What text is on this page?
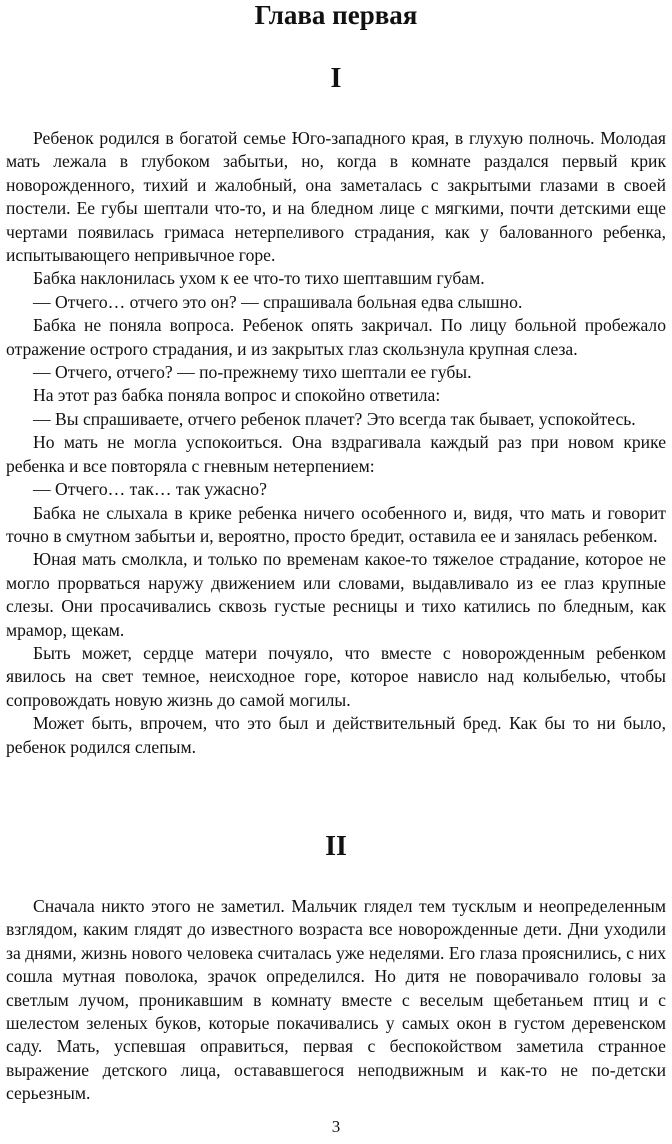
Глава первая
I

Ребенок родился в богатой семье Юго-западного края, в глухую полночь. Молодая мать лежала в глубоком забытьи, но, когда в комнате раздался первый крик новорожденного, тихий и жалобный, она заметалась с закрытыми глазами в своей постели. Ее губы шептали что-то, и на бледном лице с мягкими, почти детскими еще чертами появилась гримаса нетерпеливого страдания, как у балованного ребенка, испытывающего непривычное горе.

Бабка наклонилась ухом к ее что-то тихо шептавшим губам.

— Отчего… отчего это он? — спрашивала больная едва слышно.

Бабка не поняла вопроса. Ребенок опять закричал. По лицу больной пробежало отражение острого страдания, и из закрытых глаз скользнула крупная слеза.

— Отчего, отчего? — по-прежнему тихо шептали ее губы.

На этот раз бабка поняла вопрос и спокойно ответила:

— Вы спрашиваете, отчего ребенок плачет? Это всегда так бывает, успокойтесь.

Но мать не могла успокоиться. Она вздрагивала каждый раз при новом крике ребенка и все повторяла с гневным нетерпением:

— Отчего… так… так ужасно?

Бабка не слыхала в крике ребенка ничего особенного и, видя, что мать и говорит точно в смутном забытьи и, вероятно, просто бредит, оставила ее и занялась ребенком.

Юная мать смолкла, и только по временам какое-то тяжелое страдание, которое не могло прорваться наружу движением или словами, выдавливало из ее глаз крупные слезы. Они просачивались сквозь густые ресницы и тихо катились по бледным, как мрамор, щекам.

Быть может, сердце матери почуяло, что вместе с новорожденным ребенком явилось на свет темное, неисходное горе, которое нависло над колыбелью, чтобы сопровождать новую жизнь до самой могилы.

Может быть, впрочем, что это был и действительный бред. Как бы то ни было, ребенок родился слепым.

II

Сначала никто этого не заметил. Мальчик глядел тем тусклым и неопределенным взглядом, каким глядят до известного возраста все новорожденные дети. Дни уходили за днями, жизнь нового человека считалась уже неделями. Его глаза прояснились, с них сошла мутная поволока, зрачок определился. Но дитя не поворачивало головы за светлым лучом, проникавшим в комнату вместе с веселым щебетаньем птиц и с шелестом зеленых буков, которые покачивались у самых окон в густом деревенском саду. Мать, успевшая оправиться, первая с беспокойством заметила странное выражение детского лица, остававшегося неподвижным и как-то не по-детски серьезным.

3
